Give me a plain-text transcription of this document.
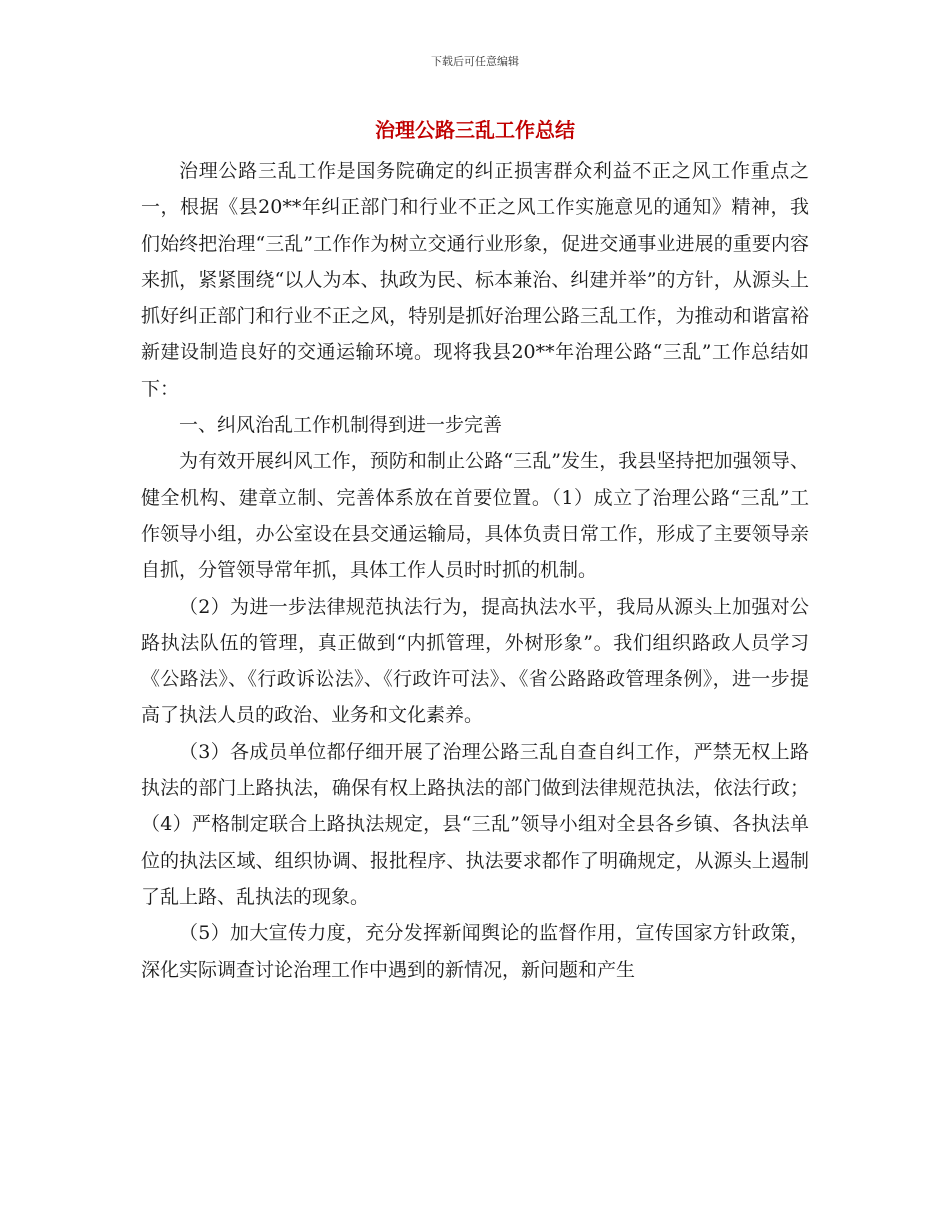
下载后可任意编辑
治理公路三乱工作总结

治理公路三乱工作是国务院确定的纠正损害群众利益不正之风工作重点之一，根据《县20**年纠正部门和行业不正之风工作实施意见的通知》精神，我们始终把治理“三乱”工作作为树立交通行业形象，促进交通事业进展的重要内容来抓，紧紧围绕“以人为本、执政为民、标本兼治、纠建并举”的方针，从源头上抓好纠正部门和行业不正之风，特别是抓好治理公路三乱工作，为推动和谐富裕新建设制造良好的交通运输环境。现将我县20**年治理公路“三乱”工作总结如下：

一、纠风治乱工作机制得到进一步完善

为有效开展纠风工作，预防和制止公路“三乱”发生，我县坚持把加强领导、健全机构、建章立制、完善体系放在首要位置。（1）成立了治理公路“三乱”工作领导小组，办公室设在县交通运输局，具体负责日常工作，形成了主要领导亲自抓，分管领导常年抓，具体工作人员时时抓的机制。

（2）为进一步法律规范执法行为，提高执法水平，我局从源头上加强对公路执法队伍的管理，真正做到“内抓管理，外树形象”。我们组织路政人员学习《公路法》、《行政诉讼法》、《行政许可法》、《省公路路政管理条例》，进一步提高了执法人员的政治、业务和文化素养。

（3）各成员单位都仔细开展了治理公路三乱自查自纠工作，严禁无权上路执法的部门上路执法，确保有权上路执法的部门做到法律规范执法，依法行政；（4）严格制定联合上路执法规定，县“三乱”领导小组对全县各乡镇、各执法单位的执法区域、组织协调、报批程序、执法要求都作了明确规定，从源头上遏制了乱上路、乱执法的现象。

（5）加大宣传力度，充分发挥新闻舆论的监督作用，宣传国家方针政策，深化实际调查讨论治理工作中遇到的新情况，新问题和产生
